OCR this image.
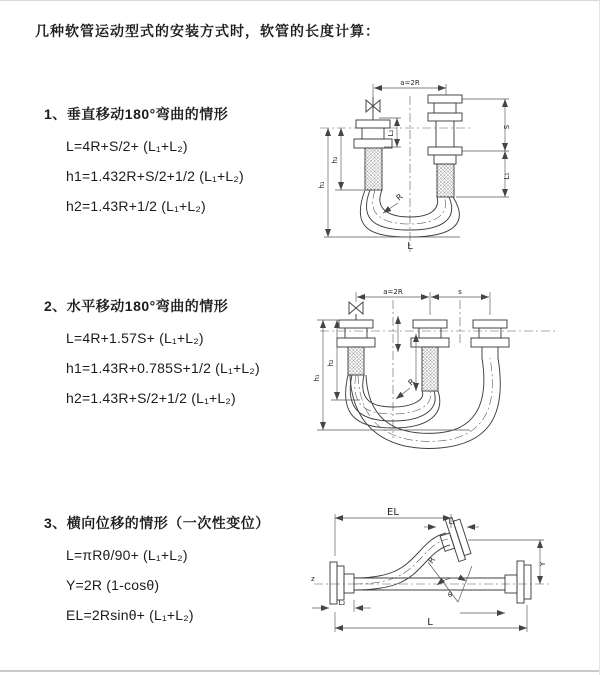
几种软管运动型式的安装方式时，软管的长度计算：
1、垂直移动180°弯曲的情形
L=4R+S/2+ (L₁+L₂)
h1=1.432R+S/2+1/2 (L₁+L₂)
h2=1.43R+1/2 (L₁+L₂)
2、水平移动180°弯曲的情形
L=4R+1.57S+ (L₁+L₂)
h1=1.43R+0.785S+1/2 (L₁+L₂)
h2=1.43R+S/2+1/2 (L₁+L₂)
3、横向位移的情形（一次性变位）
L=πRθ/90+ (L₁+L₂)
Y=2R (1-cosθ)
EL=2Rsinθ+ (L₁+L₂)
a=2R
S
L₁
L₂
h₁
h₂
R
L
a=2R	s
h₁
h₂
R
θ
R
EL
L₁
Y
L
L₂
z
